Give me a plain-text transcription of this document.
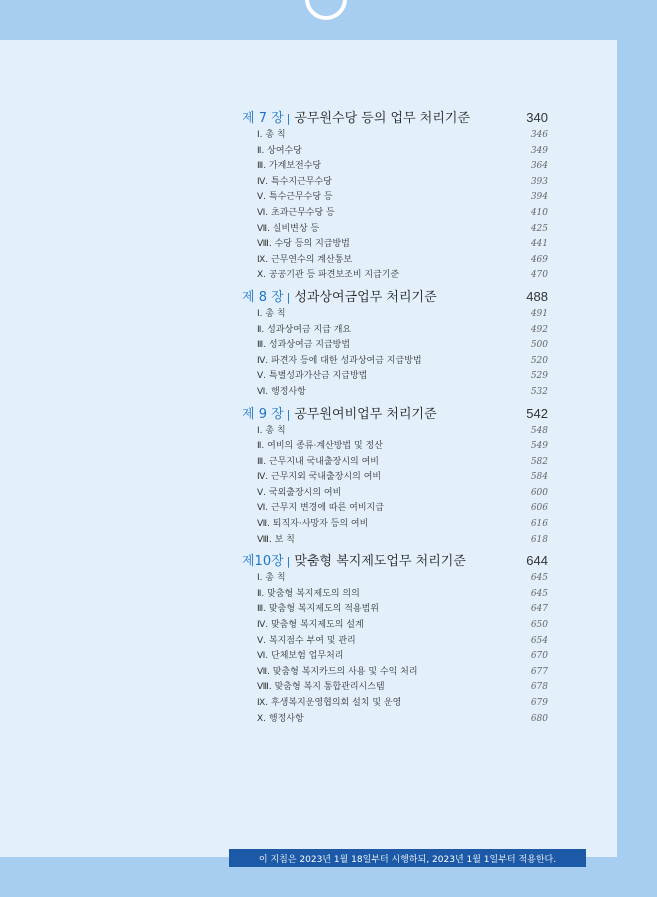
제 7 장 | 공무원수당 등의 업무 처리기준	340
Ⅰ. 총 칙	346
Ⅱ. 상여수당	349
Ⅲ. 가계보전수당	364
Ⅳ. 특수지근무수당	393
Ⅴ. 특수근무수당 등	394
Ⅵ. 초과근무수당 등	410
Ⅶ. 실비변상 등	425
Ⅷ. 수당 등의 지급방법	441
Ⅸ. 근무연수의 계산통보	469
Ⅹ. 공공기관 등 파견보조비 지급기준	470
제 8 장 | 성과상여금업무 처리기준	488
Ⅰ. 총 칙	491
Ⅱ. 성과상여금 지급 개요	492
Ⅲ. 성과상여금 지급방법	500
Ⅳ. 파견자 등에 대한 성과상여금 지급방법	520
Ⅴ. 특별성과가산금 지급방법	529
Ⅵ. 행정사항	532
제 9 장 | 공무원여비업무 처리기준	542
Ⅰ. 총 칙	548
Ⅱ. 여비의 종류·계산방법 및 정산	549
Ⅲ. 근무지내 국내출장시의 여비	582
Ⅳ. 근무지외 국내출장시의 여비	584
Ⅴ. 국외출장시의 여비	600
Ⅵ. 근무지 변경에 따른 여비지급	606
Ⅶ. 퇴직자·사망자 등의 여비	616
Ⅷ. 보 칙	618
제10장 | 맞춤형 복지제도업무 처리기준	644
Ⅰ. 총 칙	645
Ⅱ. 맞춤형 복지제도의 의의	645
Ⅲ. 맞춤형 복지제도의 적용범위	647
Ⅳ. 맞춤형 복지제도의 설계	650
Ⅴ. 복지점수 부여 및 관리	654
Ⅵ. 단체보험 업무처리	670
Ⅶ. 맞춤형 복지카드의 사용 및 수익 처리	677
Ⅷ. 맞춤형 복지 통합관리시스템	678
Ⅸ. 후생복지운영협의회 설치 및 운영	679
Ⅹ. 행정사항	680
이 지침은 2023년 1월 18일부터 시행하되, 2023년 1월 1일부터 적용한다.
